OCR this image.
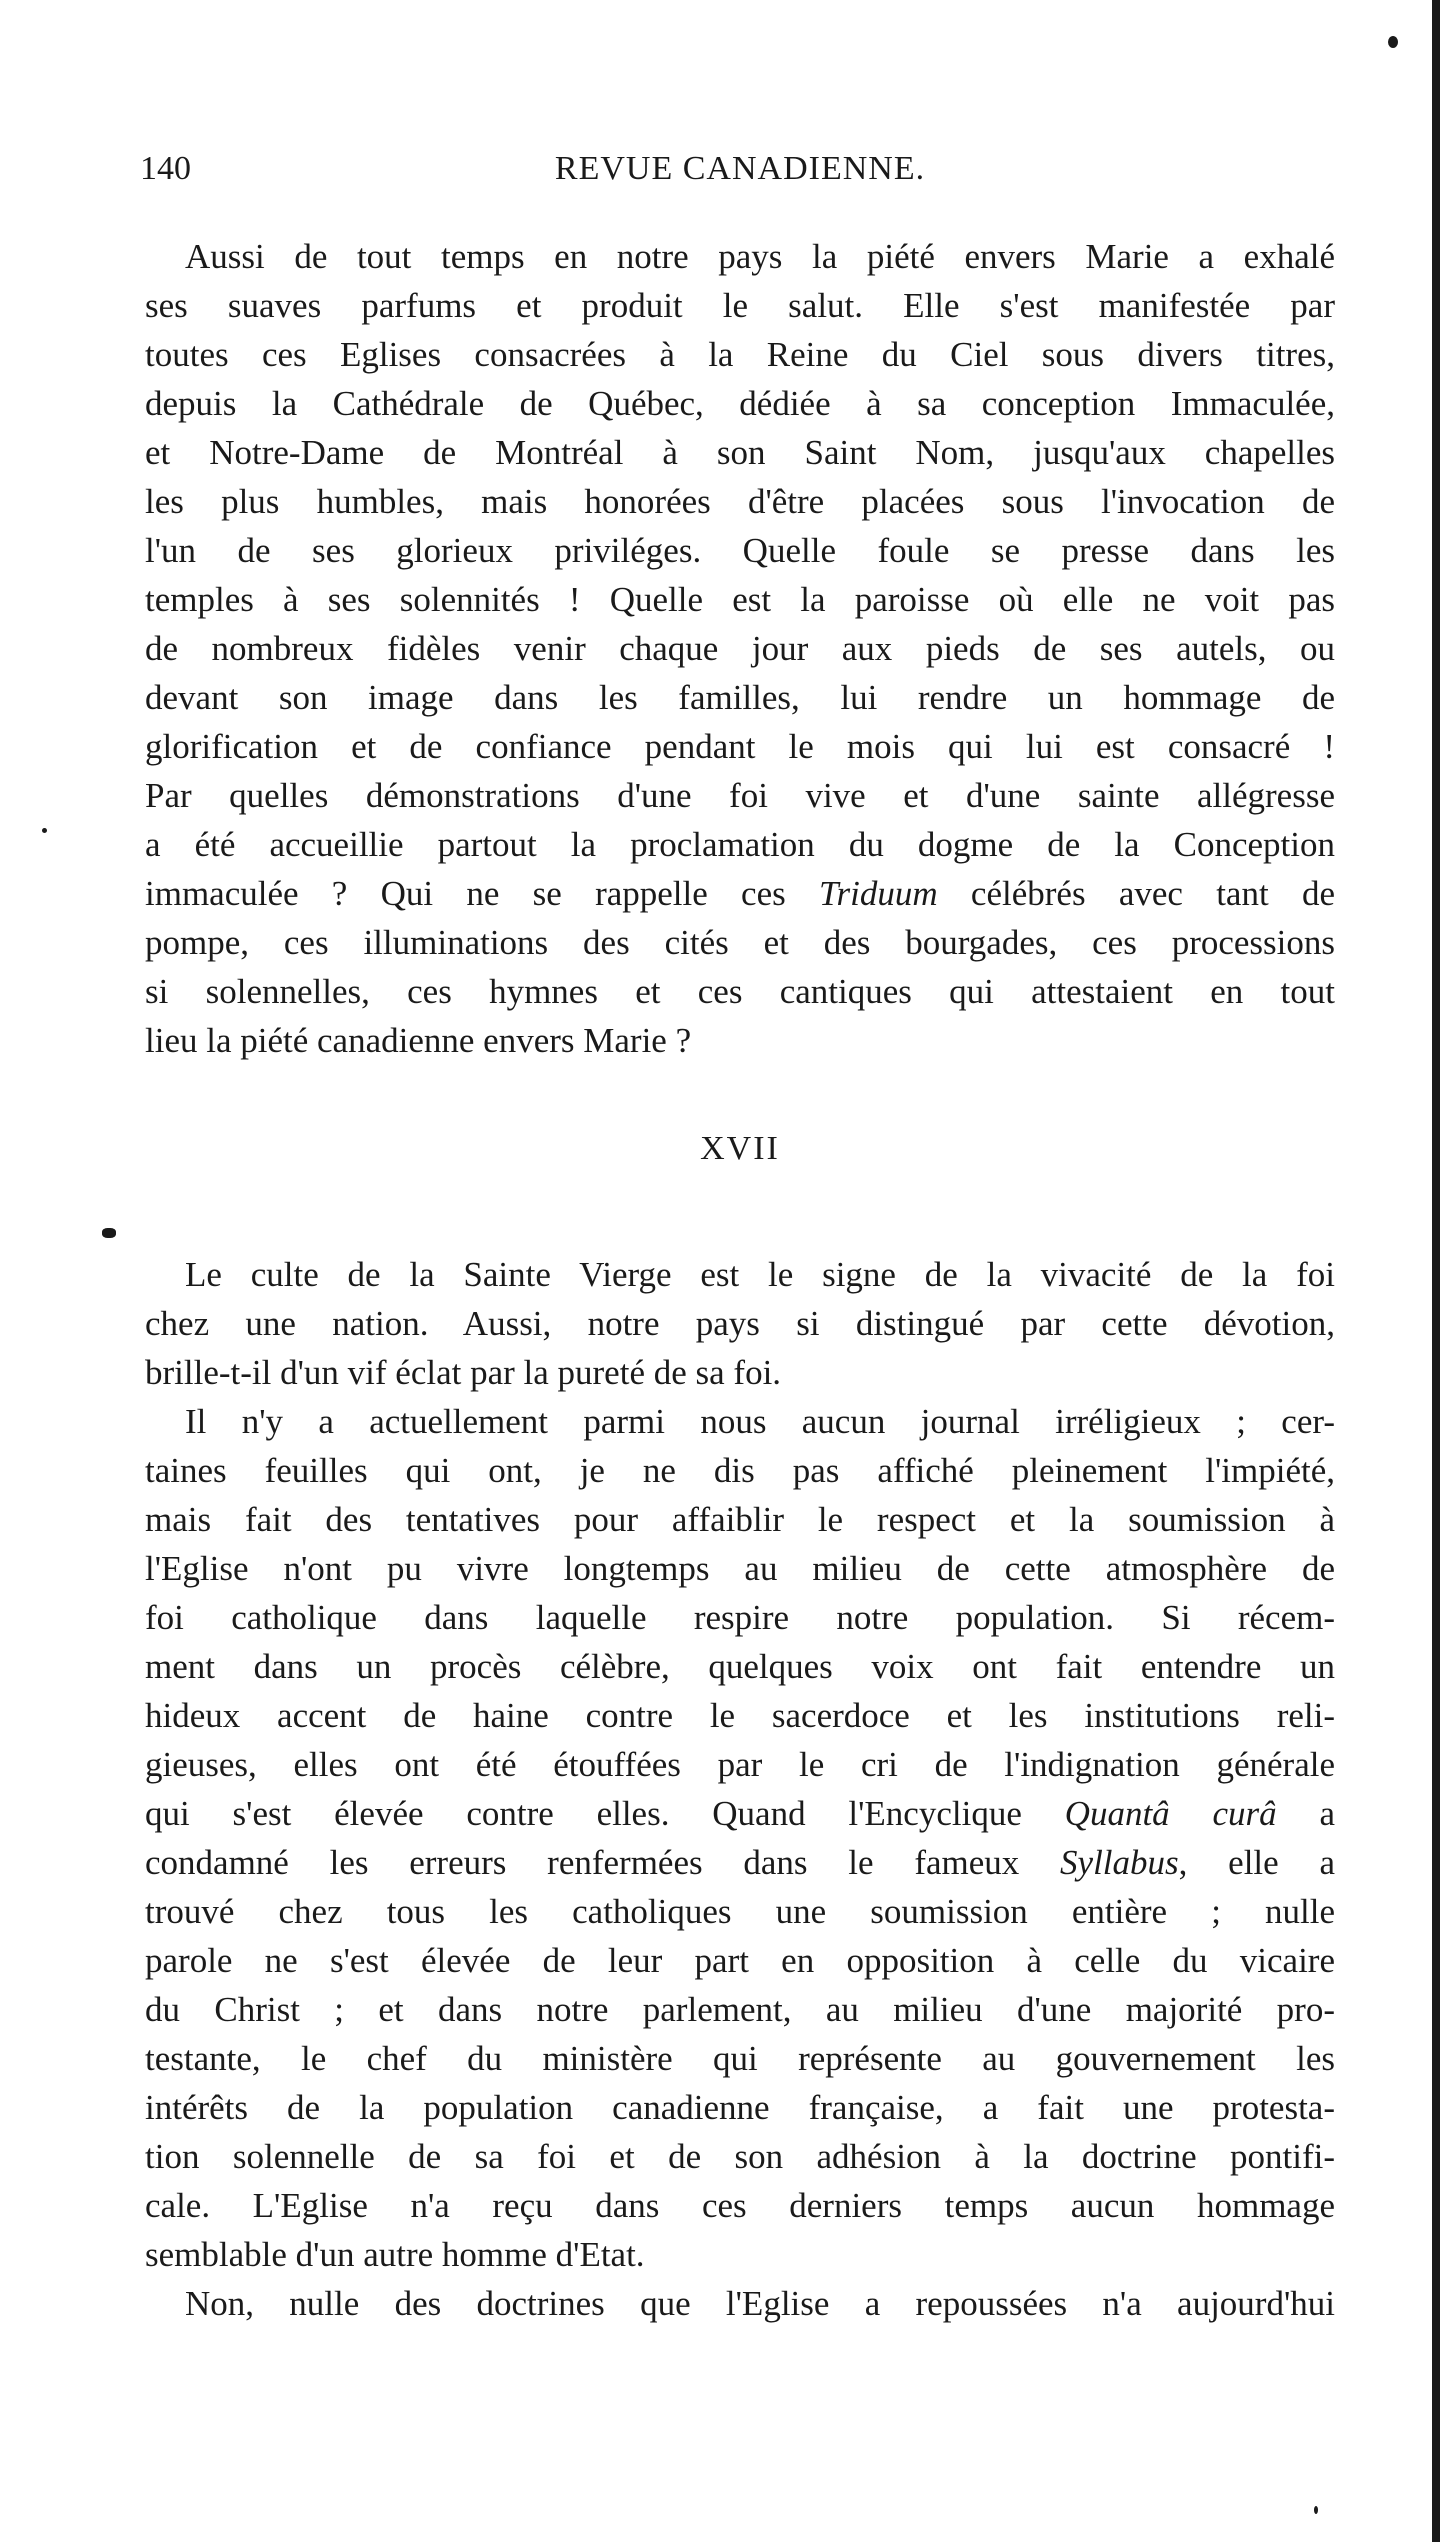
140	REVUE CANADIENNE.
Aussi de tout temps en notre pays la piété envers Marie a exhalé
ses suaves parfums et produit le salut. Elle s'est manifestée par
toutes ces Eglises consacrées à la Reine du Ciel sous divers titres,
depuis la Cathédrale de Québec, dédiée à sa conception Immaculée,
et Notre-Dame de Montréal à son Saint Nom, jusqu'aux chapelles
les plus humbles, mais honorées d'être placées sous l'invocation de
l'un de ses glorieux priviléges. Quelle foule se presse dans les
temples à ses solennités ! Quelle est la paroisse où elle ne voit pas
de nombreux fidèles venir chaque jour aux pieds de ses autels, ou
devant son image dans les familles, lui rendre un hommage de
glorification et de confiance pendant le mois qui lui est consacré !
Par quelles démonstrations d'une foi vive et d'une sainte allégresse
a été accueillie partout la proclamation du dogme de la Conception
immaculée ? Qui ne se rappelle ces Triduum célébrés avec tant de
pompe, ces illuminations des cités et des bourgades, ces processions
si solennelles, ces hymnes et ces cantiques qui attestaient en tout
lieu la piété canadienne envers Marie ?
XVII
Le culte de la Sainte Vierge est le signe de la vivacité de la foi
chez une nation. Aussi, notre pays si distingué par cette dévotion,
brille-t-il d'un vif éclat par la pureté de sa foi.
Il n'y a actuellement parmi nous aucun journal irréligieux ; cer-
taines feuilles qui ont, je ne dis pas affiché pleinement l'impiété,
mais fait des tentatives pour affaiblir le respect et la soumission à
l'Eglise n'ont pu vivre longtemps au milieu de cette atmosphère de
foi catholique dans laquelle respire notre population. Si récem-
ment dans un procès célèbre, quelques voix ont fait entendre un
hideux accent de haine contre le sacerdoce et les institutions reli-
gieuses, elles ont été étouffées par le cri de l'indignation générale
qui s'est élevée contre elles. Quand l'Encyclique Quantâ curâ a
condamné les erreurs renfermées dans le fameux Syllabus, elle a
trouvé chez tous les catholiques une soumission entière ; nulle
parole ne s'est élevée de leur part en opposition à celle du vicaire
du Christ ; et dans notre parlement, au milieu d'une majorité pro-
testante, le chef du ministère qui représente au gouvernement les
intérêts de la population canadienne française, a fait une protesta-
tion solennelle de sa foi et de son adhésion à la doctrine pontifi-
cale. L'Eglise n'a reçu dans ces derniers temps aucun hommage
semblable d'un autre homme d'Etat.
Non, nulle des doctrines que l'Eglise a repoussées n'a aujourd'hui
